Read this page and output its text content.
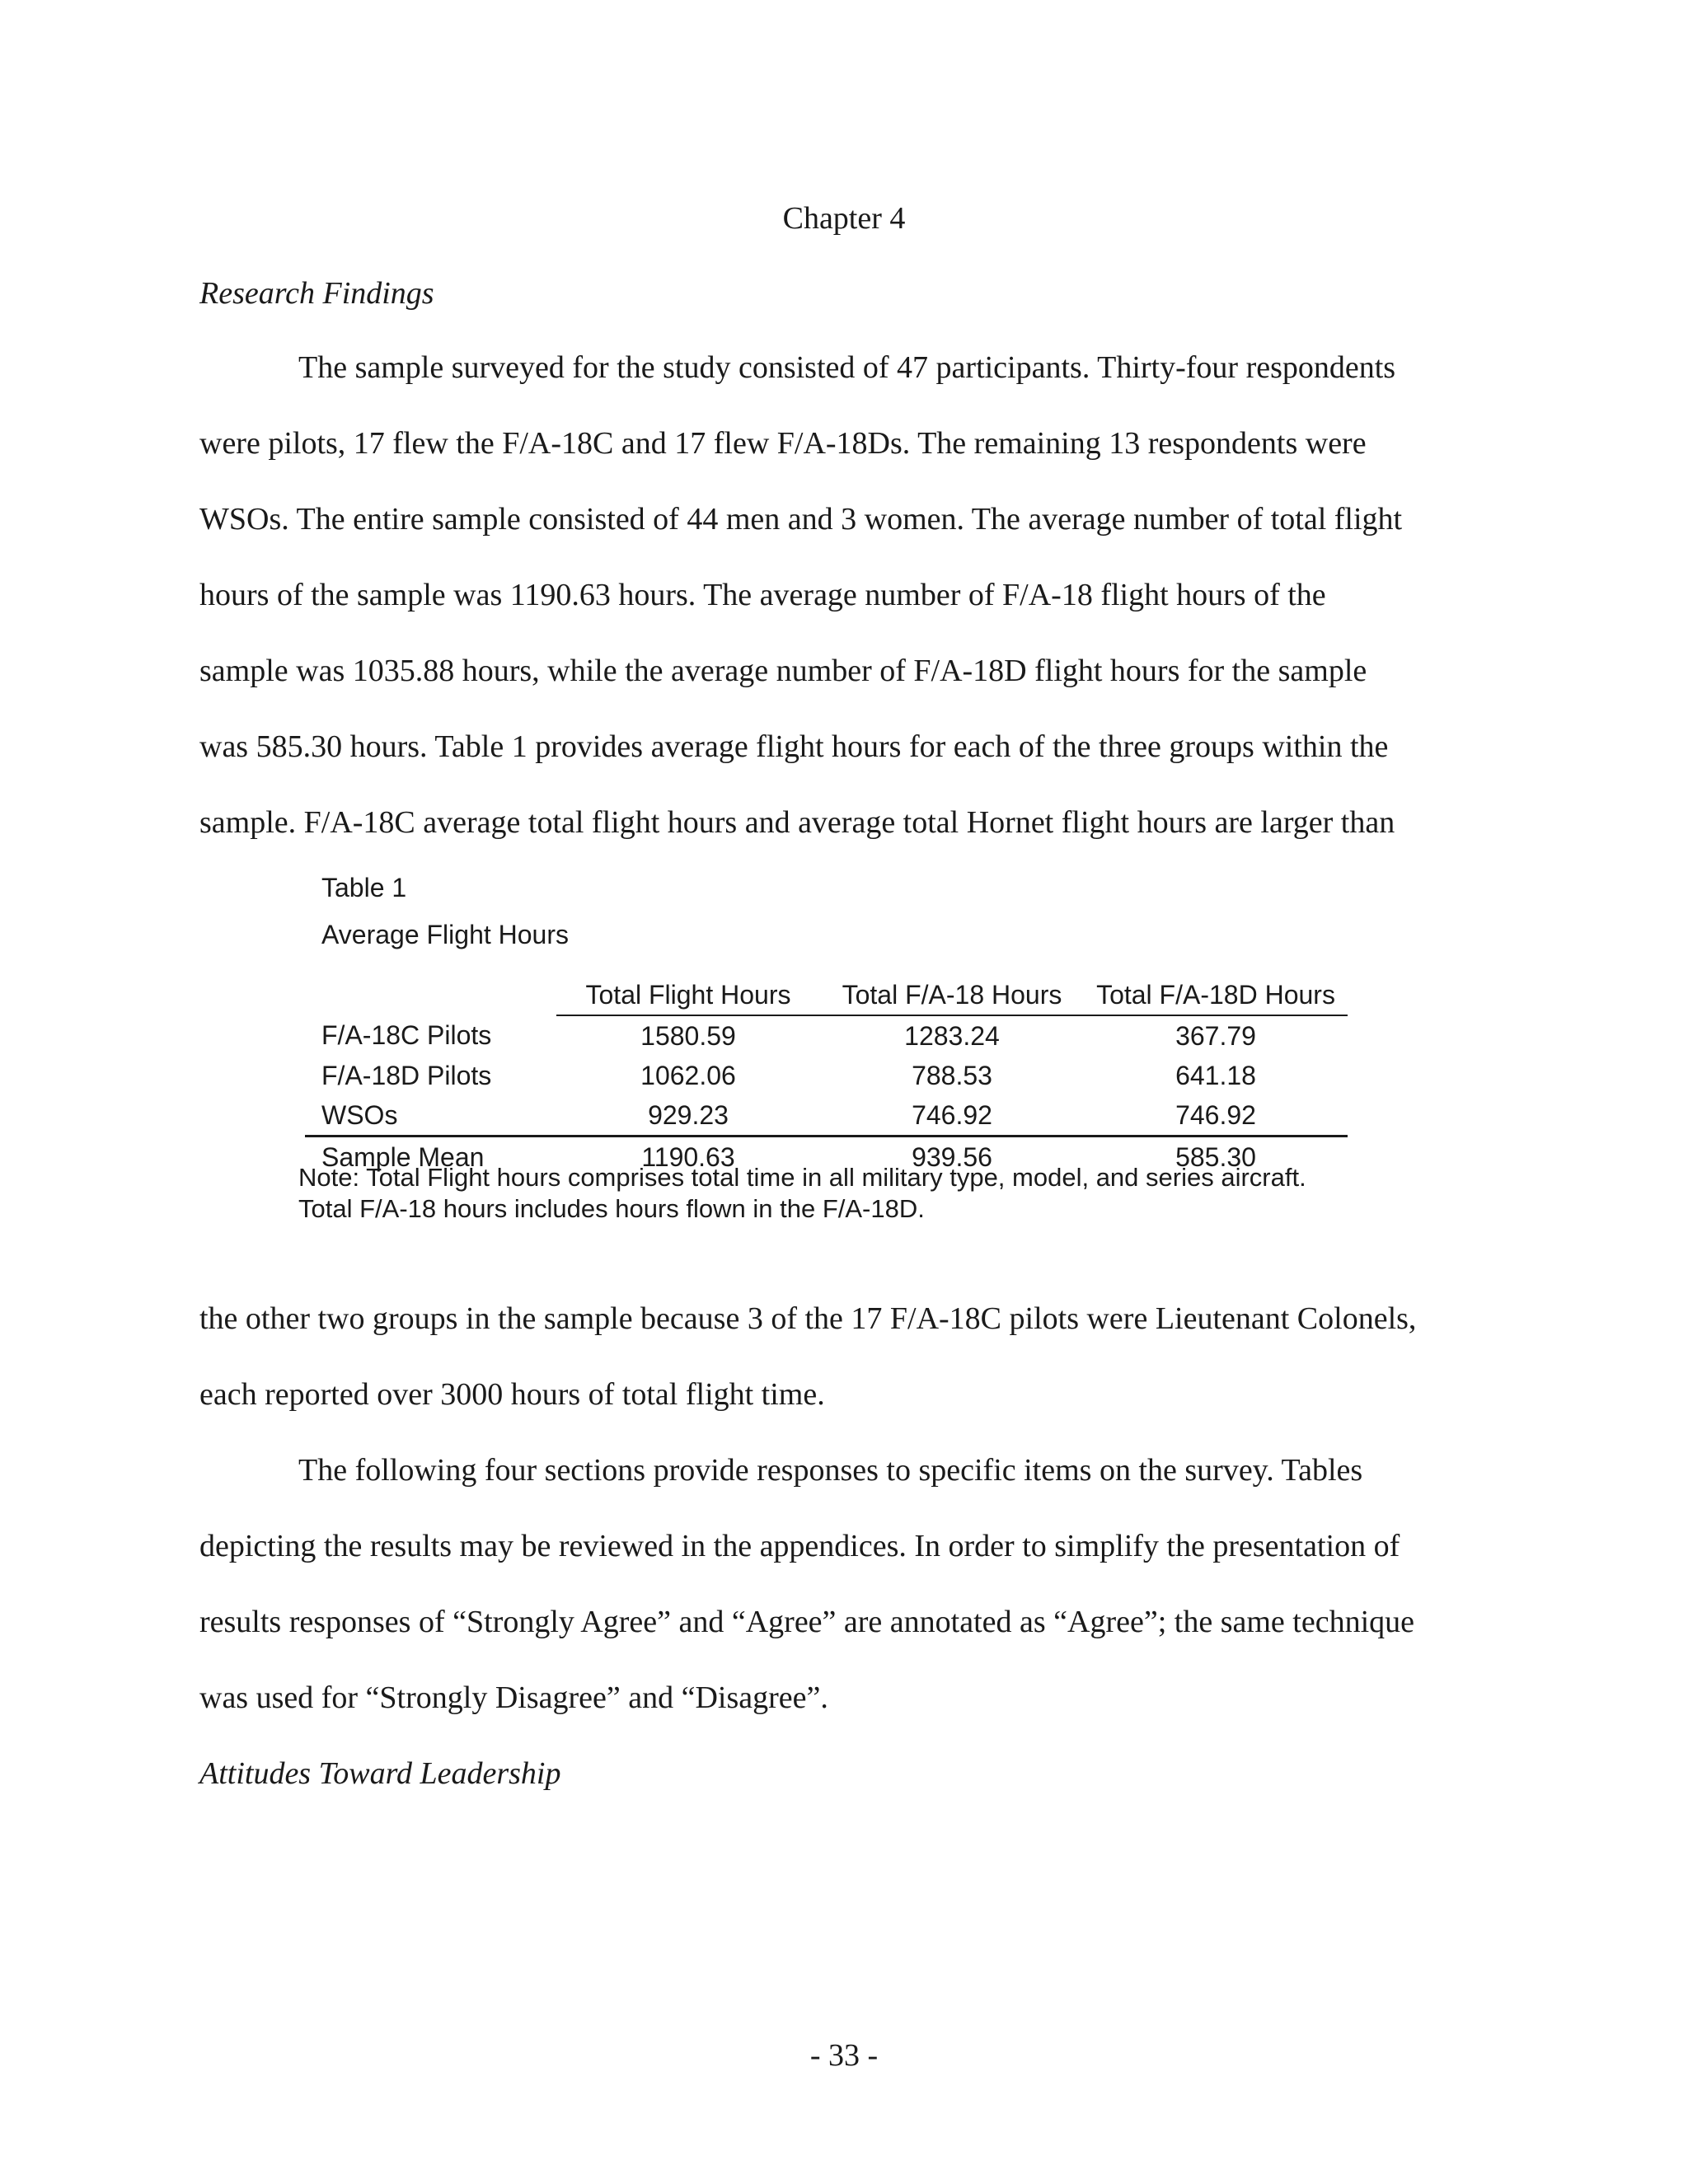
Chapter 4
Research Findings
The sample surveyed for the study consisted of 47 participants. Thirty-four respondents
were pilots, 17 flew the F/A-18C and 17 flew F/A-18Ds. The remaining 13 respondents were
WSOs. The entire sample consisted of 44 men and 3 women. The average number of total flight
hours of the sample was 1190.63 hours. The average number of F/A-18 flight hours of the
sample was 1035.88 hours, while the average number of F/A-18D flight hours for the sample
was 585.30 hours. Table 1 provides average flight hours for each of the three groups within the
sample. F/A-18C average total flight hours and average total Hornet flight hours are larger than
Table 1
Average Flight Hours
	Total Flight Hours	Total F/A-18 Hours	Total F/A-18D Hours
F/A-18C Pilots	1580.59	1283.24	367.79
F/A-18D Pilots	1062.06	788.53	641.18
WSOs	929.23	746.92	746.92
Sample Mean	1190.63	939.56	585.30
Note: Total Flight hours comprises total time in all military type, model, and series aircraft.
Total F/A-18 hours includes hours flown in the F/A-18D.
the other two groups in the sample because 3 of the 17 F/A-18C pilots were Lieutenant Colonels,
each reported over 3000 hours of total flight time.
The following four sections provide responses to specific items on the survey. Tables
depicting the results may be reviewed in the appendices. In order to simplify the presentation of
results responses of “Strongly Agree” and “Agree” are annotated as “Agree”; the same technique
was used for “Strongly Disagree” and “Disagree”.
Attitudes Toward Leadership
- 33 -
